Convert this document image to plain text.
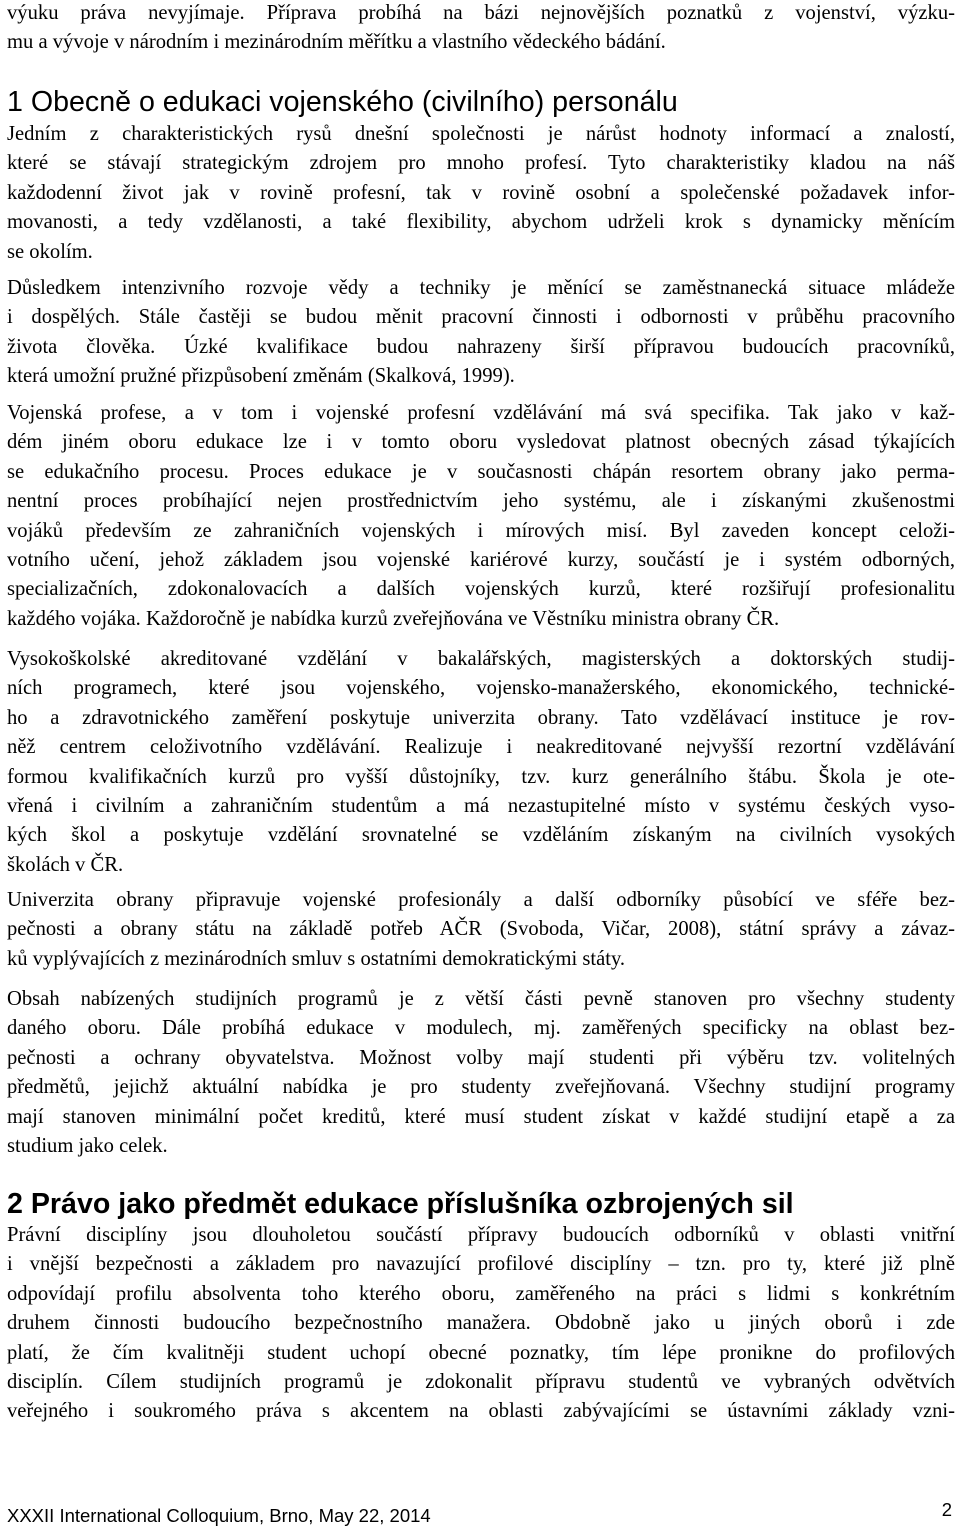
výuku práva nevyjímaje. Příprava probíhá na bázi nejnovějších poznatků z vojenství, výzku-
mu a vývoje v národním i mezinárodním měřítku a vlastního vědeckého bádání.
1 Obecně o edukaci vojenského (civilního) personálu
Jedním z charakteristických rysů dnešní společnosti je nárůst hodnoty informací a znalostí,
které se stávají strategickým zdrojem pro mnoho profesí. Tyto charakteristiky kladou na náš
každodenní život jak v rovině profesní, tak v rovině osobní a společenské požadavek infor-
movanosti, a tedy vzdělanosti, a také flexibility, abychom udrželi krok s dynamicky měnícím
se okolím.
Důsledkem intenzivního rozvoje vědy a techniky je měnící se zaměstnanecká situace mládeže
i dospělých. Stále častěji se budou měnit pracovní činnosti i odbornosti v průběhu pracovního
života člověka. Úzké kvalifikace budou nahrazeny širší přípravou budoucích pracovníků,
která umožní pružné přizpůsobení změnám (Skalková, 1999).
Vojenská profese, a v tom i vojenské profesní vzdělávání má svá specifika. Tak jako v kaž-
dém jiném oboru edukace lze i v tomto oboru vysledovat platnost obecných zásad týkajících
se edukačního procesu. Proces edukace je v současnosti chápán resortem obrany jako perma-
nentní proces probíhající nejen prostřednictvím jeho systému, ale i získanými zkušenostmi
vojáků především ze zahraničních vojenských i mírových misí. Byl zaveden koncept celoži-
votního učení, jehož základem jsou vojenské kariérové kurzy, součástí je i systém odborných,
specializačních, zdokonalovacích a dalších vojenských kurzů, které rozšiřují profesionalitu
každého vojáka. Každoročně je nabídka kurzů zveřejňována ve Věstníku ministra obrany ČR.
Vysokoškolské akreditované vzdělání v bakalářských, magisterských a doktorských studij-
ních programech, které jsou vojenského, vojensko-manažerského, ekonomického, technické-
ho a zdravotnického zaměření poskytuje univerzita obrany. Tato vzdělávací instituce je rov-
něž centrem celoživotního vzdělávání. Realizuje i neakreditované nejvyšší rezortní vzdělávání
formou kvalifikačních kurzů pro vyšší důstojníky, tzv. kurz generálního štábu. Škola je ote-
vřená i civilním a zahraničním studentům a má nezastupitelné místo v systému českých vyso-
kých škol a poskytuje vzdělání srovnatelné se vzděláním získaným na civilních vysokých
školách v ČR.
Univerzita obrany připravuje vojenské profesionály a další odborníky působící ve sféře bez-
pečnosti a obrany státu na základě potřeb AČR (Svoboda, Vičar, 2008), státní správy a závaz-
ků vyplývajících z mezinárodních smluv s ostatními demokratickými státy.
Obsah nabízených studijních programů je z větší části pevně stanoven pro všechny studenty
daného oboru. Dále probíhá edukace v modulech, mj. zaměřených specificky na oblast bez-
pečnosti a ochrany obyvatelstva. Možnost volby mají studenti při výběru tzv. volitelných
předmětů, jejichž aktuální nabídka je pro studenty zveřejňovaná. Všechny studijní programy
mají stanoven minimální počet kreditů, které musí student získat v každé studijní etapě a za
studium jako celek.
2 Právo jako předmět edukace příslušníka ozbrojených sil
Právní disciplíny jsou dlouholetou součástí přípravy budoucích odborníků v oblasti vnitřní
i vnější bezpečnosti a základem pro navazující profilové disciplíny – tzn. pro ty, které již plně
odpovídají profilu absolventa toho kterého oboru, zaměřeného na práci s lidmi s konkrétním
druhem činnosti budoucího bezpečnostního manažera. Obdobně jako u jiných oborů i zde
platí, že čím kvalitněji student uchopí obecné poznatky, tím lépe pronikne do profilových
disciplín. Cílem studijních programů je zdokonalit přípravu studentů ve vybraných odvětvích
veřejného i soukromého práva s akcentem na oblasti zabývajícími se ústavními základy vzni-
XXXII International Colloquium, Brno, May 22, 2014	2
